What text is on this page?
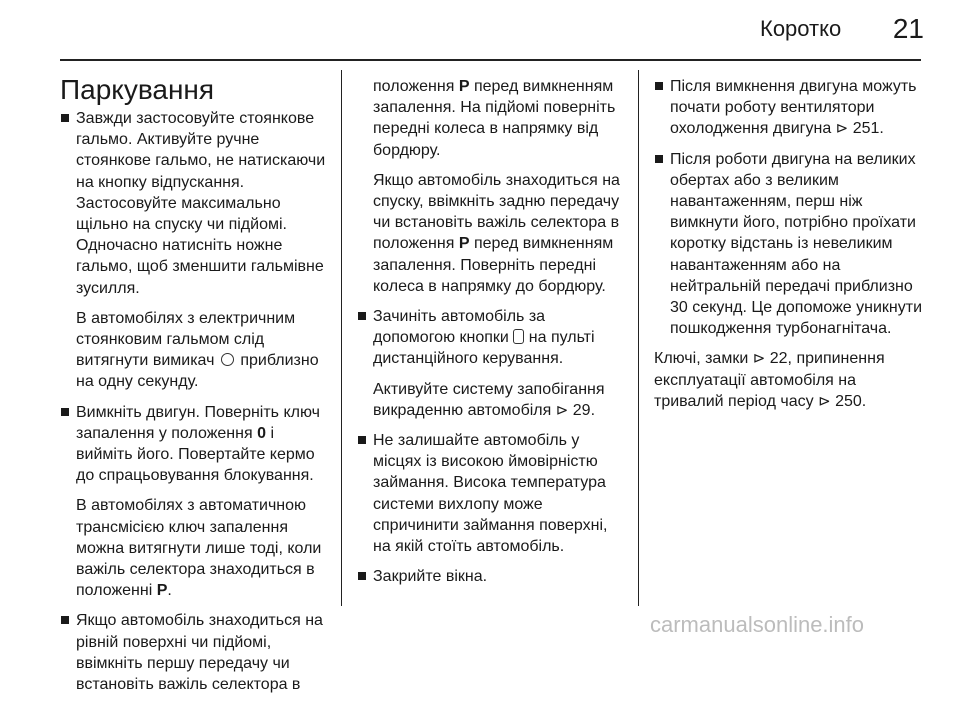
Коротко	21
Паркування
Завжди застосовуйте стоянкове гальмо. Активуйте ручне стоянкове гальмо, не натискаючи на кнопку відпускання. Застосовуйте максимально щільно на спуску чи підйомі. Одночасно натисніть ножне гальмо, щоб зменшити гальмівне зусилля.
В автомобілях з електричним стоянковим гальмом слід витягнути вимикач приблизно на одну секунду.
Вимкніть двигун. Поверніть ключ запалення у положення 0 і вийміть його. Повертайте кермо до спрацьовування блокування.
В автомобілях з автоматичною трансмісією ключ запалення можна витягнути лише тоді, коли важіль селектора знаходиться в положенні P.
Якщо автомобіль знаходиться на рівній поверхні чи підйомі, ввімкніть першу передачу чи встановіть важіль селектора в
положення P перед вимкненням запалення. На підйомі поверніть передні колеса в напрямку від бордюру.
Якщо автомобіль знаходиться на спуску, ввімкніть задню передачу чи встановіть важіль селектора в положення P перед вимкненням запалення. Поверніть передні колеса в напрямку до бордюру.
Зачиніть автомобіль за допомогою кнопки на пульті дистанційного керування.
Активуйте систему запобігання викраденню автомобіля ⊳ 29.
Не залишайте автомобіль у місцях із високою ймовірністю займання. Висока температура системи вихлопу може спричинити займання поверхні, на якій стоїть автомобіль.
Закрийте вікна.
Після вимкнення двигуна можуть почати роботу вентилятори охолодження двигуна ⊳ 251.
Після роботи двигуна на великих обертах або з великим навантаженням, перш ніж вимкнути його, потрібно проїхати коротку відстань із невеликим навантаженням або на нейтральній передачі приблизно 30 секунд. Це допоможе уникнути пошкодження турбонагнітача.
Ключі, замки ⊳ 22, припинення експлуатації автомобіля на тривалий період часу ⊳ 250.
carmanualsonline.info
